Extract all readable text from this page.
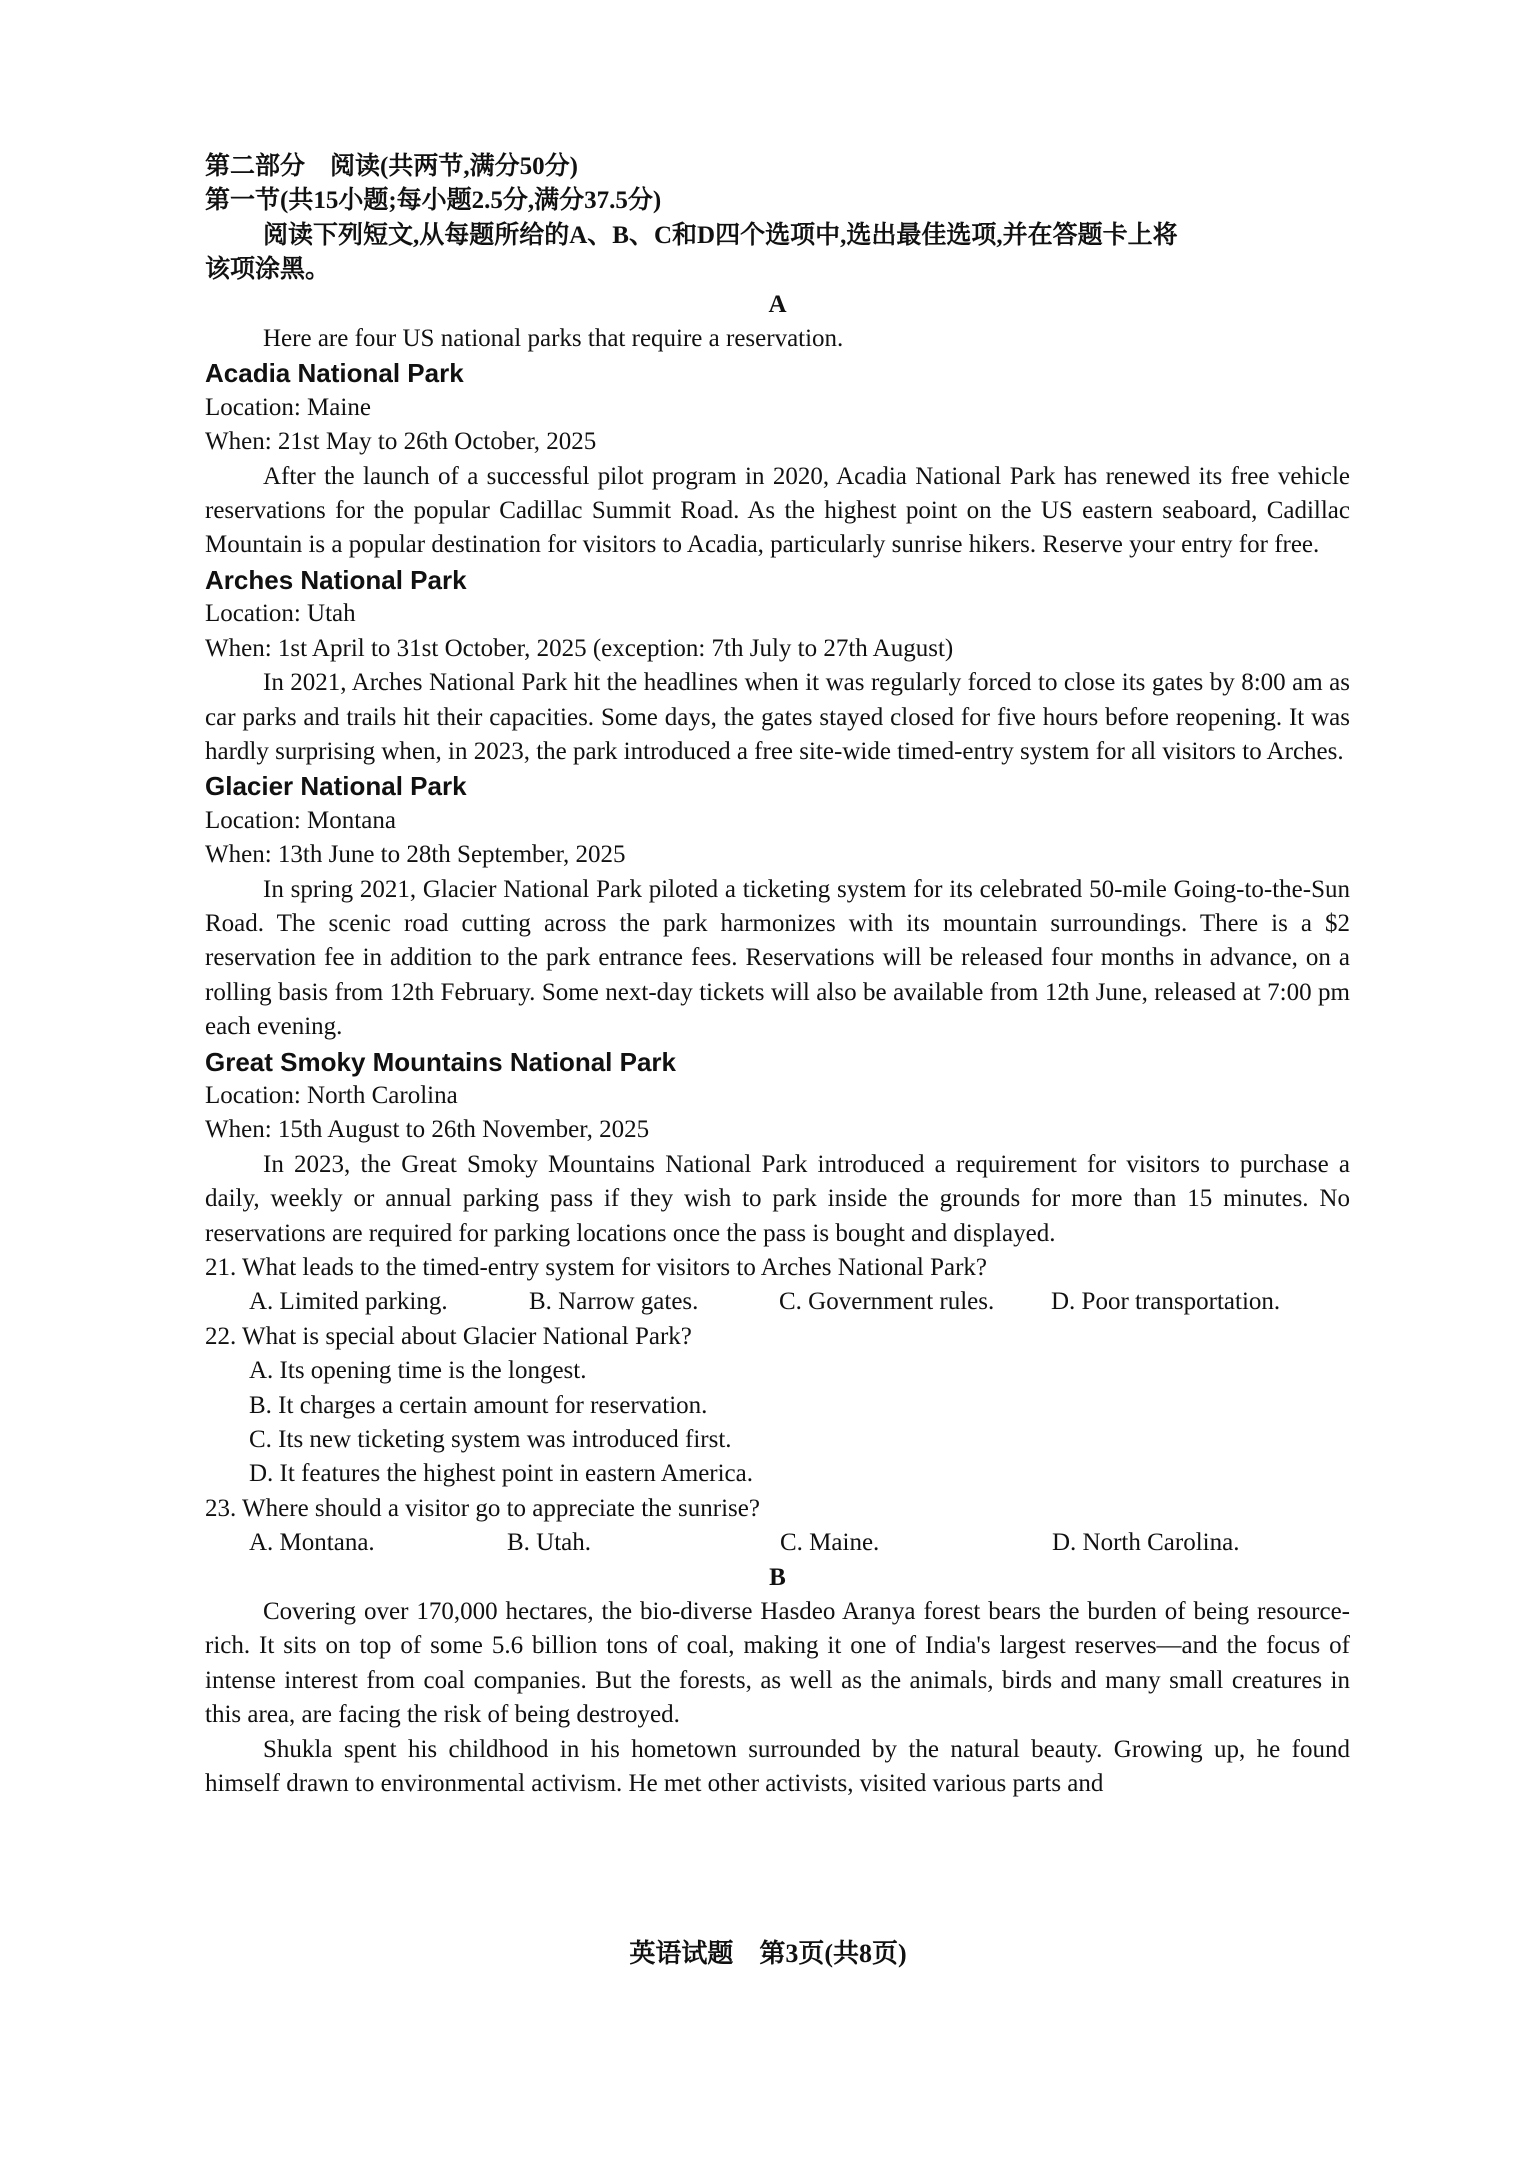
第二部分　阅读(共两节,满分50分)
第一节(共15小题;每小题2.5分,满分37.5分)
阅读下列短文,从每题所给的A、B、C和D四个选项中,选出最佳选项,并在答题卡上将
该项涂黑。
A
Here are four US national parks that require a reservation.
Acadia National Park
Location: Maine
When: 21st May to 26th October, 2025
After the launch of a successful pilot program in 2020, Acadia National Park has renewed its free vehicle reservations for the popular Cadillac Summit Road. As the highest point on the US eastern seaboard, Cadillac Mountain is a popular destination for visitors to Acadia, particularly sunrise hikers. Reserve your entry for free.
Arches National Park
Location: Utah
When: 1st April to 31st October, 2025 (exception: 7th July to 27th August)
In 2021, Arches National Park hit the headlines when it was regularly forced to close its gates by 8:00 am as car parks and trails hit their capacities. Some days, the gates stayed closed for five hours before reopening. It was hardly surprising when, in 2023, the park introduced a free site-wide timed-entry system for all visitors to Arches.
Glacier National Park
Location: Montana
When: 13th June to 28th September, 2025
In spring 2021, Glacier National Park piloted a ticketing system for its celebrated 50-mile Going-to-the-Sun Road. The scenic road cutting across the park harmonizes with its mountain surroundings. There is a $2 reservation fee in addition to the park entrance fees. Reservations will be released four months in advance, on a rolling basis from 12th February. Some next-day tickets will also be available from 12th June, released at 7:00 pm each evening.
Great Smoky Mountains National Park
Location: North Carolina
When: 15th August to 26th November, 2025
In 2023, the Great Smoky Mountains National Park introduced a requirement for visitors to purchase a daily, weekly or annual parking pass if they wish to park inside the grounds for more than 15 minutes. No reservations are required for parking locations once the pass is bought and displayed.
21. What leads to the timed-entry system for visitors to Arches National Park?
A. Limited parking.	B. Narrow gates.	C. Government rules.	D. Poor transportation.
22. What is special about Glacier National Park?
A. Its opening time is the longest.
B. It charges a certain amount for reservation.
C. Its new ticketing system was introduced first.
D. It features the highest point in eastern America.
23. Where should a visitor go to appreciate the sunrise?
A. Montana.	B. Utah.	C. Maine.	D. North Carolina.
B
Covering over 170,000 hectares, the bio-diverse Hasdeo Aranya forest bears the burden of being resource-rich. It sits on top of some 5.6 billion tons of coal, making it one of India's largest reserves—and the focus of intense interest from coal companies. But the forests, as well as the animals, birds and many small creatures in this area, are facing the risk of being destroyed.
Shukla spent his childhood in his hometown surrounded by the natural beauty. Growing up, he found himself drawn to environmental activism. He met other activists, visited various parts and
英语试题　第3页(共8页)
